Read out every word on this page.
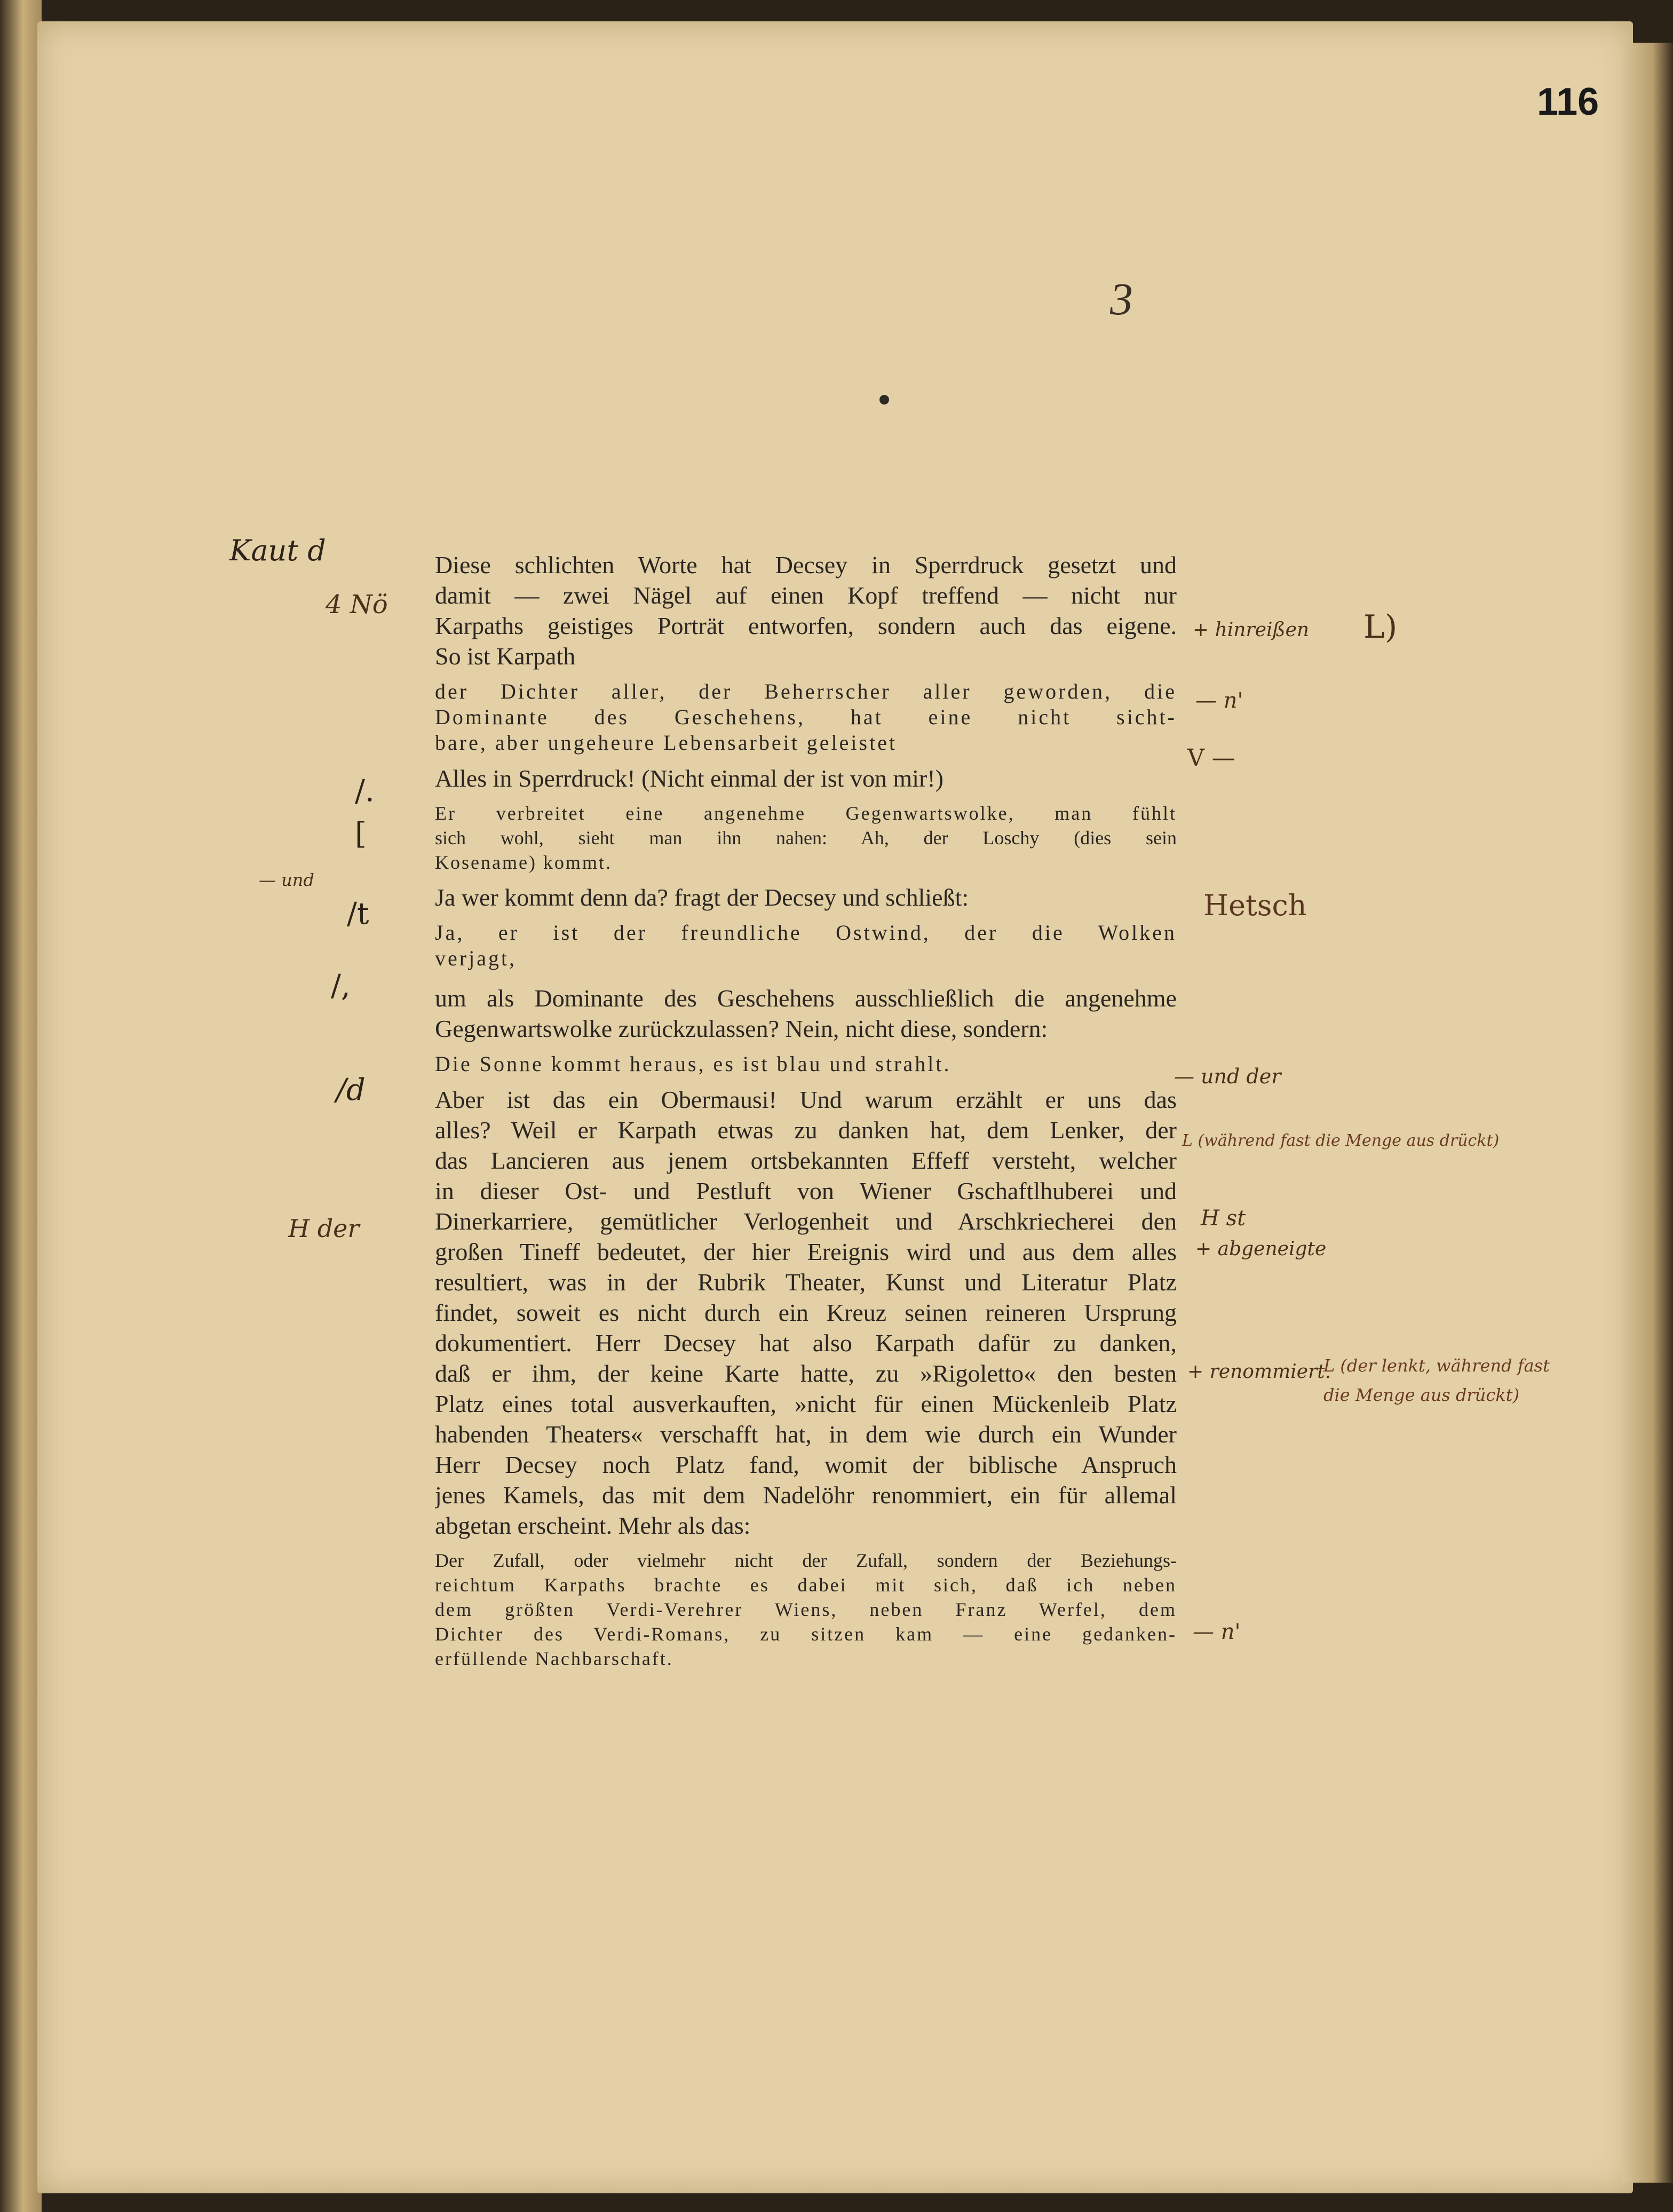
116
3
Diese schlichten Worte hat Decsey in Sperrdruck gesetzt und
damit — zwei Nägel auf einen Kopf treffend — nicht nur
Karpaths geistiges Porträt entworfen, sondern auch das eigene.
So ist Karpath
der Dichter aller, der Beherrscher aller geworden, die
Dominante des Geschehens, hat eine nicht sicht-
bare, aber ungeheure Lebensarbeit geleistet
Alles in Sperrdruck! (Nicht einmal der ist von mir!)
Er verbreitet eine angenehme Gegenwartswolke, man fühlt
sich wohl, sieht man ihn nahen: Ah, der Loschy (dies sein
Kosename) kommt.
Ja wer kommt denn da? fragt der Decsey und schließt:
Ja, er ist der freundliche Ostwind, der die Wolken
verjagt,
um als Dominante des Geschehens ausschließlich die angenehme
Gegenwartswolke zurückzulassen? Nein, nicht diese, sondern:
Die Sonne kommt heraus, es ist blau und strahlt.
Aber ist das ein Obermausi! Und warum erzählt er uns das
alles? Weil er Karpath etwas zu danken hat, dem Lenker, der
das Lancieren aus jenem ortsbekannten Effeff versteht, welcher
in dieser Ost- und Pestluft von Wiener Gschaftlhuberei und
Dinerkarriere, gemütlicher Verlogenheit und Arschkriecherei den
großen Tineff bedeutet, der hier Ereignis wird und aus dem alles
resultiert, was in der Rubrik Theater, Kunst und Literatur Platz
findet, soweit es nicht durch ein Kreuz seinen reineren Ursprung
dokumentiert. Herr Decsey hat also Karpath dafür zu danken,
daß er ihm, der keine Karte hatte, zu »Rigoletto« den besten
Platz eines total ausverkauften, »nicht für einen Mückenleib Platz
habenden Theaters« verschafft hat, in dem wie durch ein Wunder
Herr Decsey noch Platz fand, womit der biblische Anspruch
jenes Kamels, das mit dem Nadelöhr renommiert, ein für allemal
abgetan erscheint. Mehr als das:
Der Zufall, oder vielmehr nicht der Zufall, sondern der Beziehungs-
reichtum Karpaths brachte es dabei mit sich, daß ich neben
dem größten Verdi-Verehrer Wiens, neben Franz Werfel, dem
Dichter des Verdi-Romans, zu sitzen kam — eine gedanken-
erfüllende Nachbarschaft.
Kaut d
4 Nö
+ hinreißen L)
— n'
V —
/.
[
— und
/t	Hetsch
/,
/d	— und der
L (während fast die Menge aus drückt)
H der	H st
+ abgeneigte
+ renommiert.
L (der lenkt, während fast
die Menge aus drückt)
— n'
